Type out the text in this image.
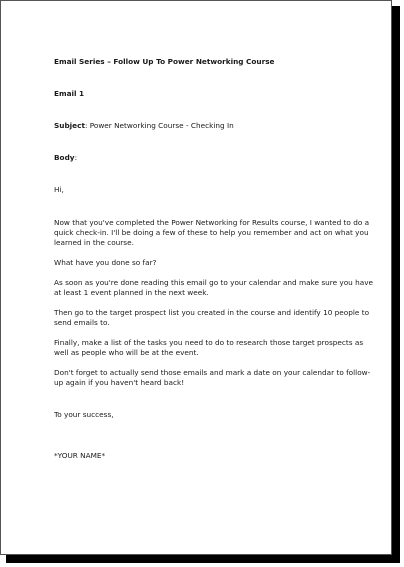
Email Series – Follow Up To Power Networking Course

Email 1

Subject: Power Networking Course - Checking In

Body:

Hi,

Now that you've completed the Power Networking for Results course, I wanted to do a quick check-in. I'll be doing a few of these to help you remember and act on what you learned in the course.

What have you done so far?

As soon as you're done reading this email go to your calendar and make sure you have at least 1 event planned in the next week.

Then go to the target prospect list you created in the course and identify 10 people to send emails to.

Finally, make a list of the tasks you need to do to research those target prospects as well as people who will be at the event.

Don't forget to actually send those emails and mark a date on your calendar to follow-up again if you haven't heard back!

To your success,

*YOUR NAME*
